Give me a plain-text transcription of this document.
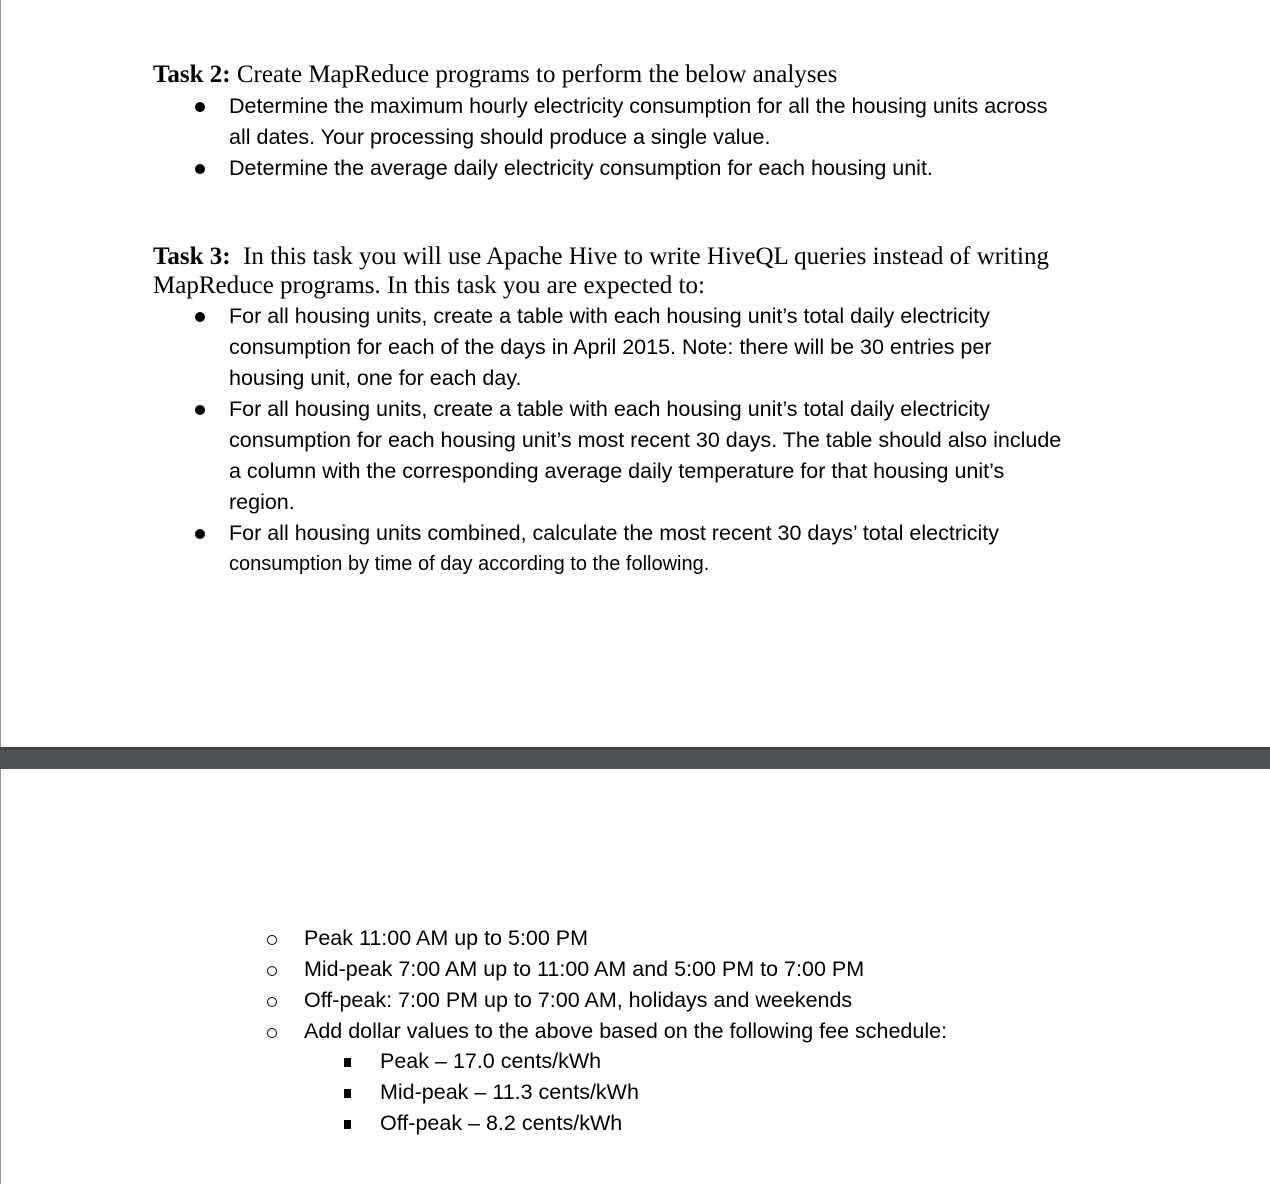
Task 2: Create MapReduce programs to perform the below analyses
Determine the maximum hourly electricity consumption for all the housing units across
all dates. Your processing should produce a single value.
Determine the average daily electricity consumption for each housing unit.
Task 3:  In this task you will use Apache Hive to write HiveQL queries instead of writing
MapReduce programs. In this task you are expected to:
For all housing units, create a table with each housing unit’s total daily electricity
consumption for each of the days in April 2015. Note: there will be 30 entries per
housing unit, one for each day.
For all housing units, create a table with each housing unit’s total daily electricity
consumption for each housing unit’s most recent 30 days. The table should also include
a column with the corresponding average daily temperature for that housing unit’s
region.
For all housing units combined, calculate the most recent 30 days’ total electricity
consumption by time of day according to the following.
Peak 11:00 AM up to 5:00 PM
Mid-peak 7:00 AM up to 11:00 AM and 5:00 PM to 7:00 PM
Off-peak: 7:00 PM up to 7:00 AM, holidays and weekends
Add dollar values to the above based on the following fee schedule:
Peak – 17.0 cents/kWh
Mid-peak – 11.3 cents/kWh
Off-peak – 8.2 cents/kWh
